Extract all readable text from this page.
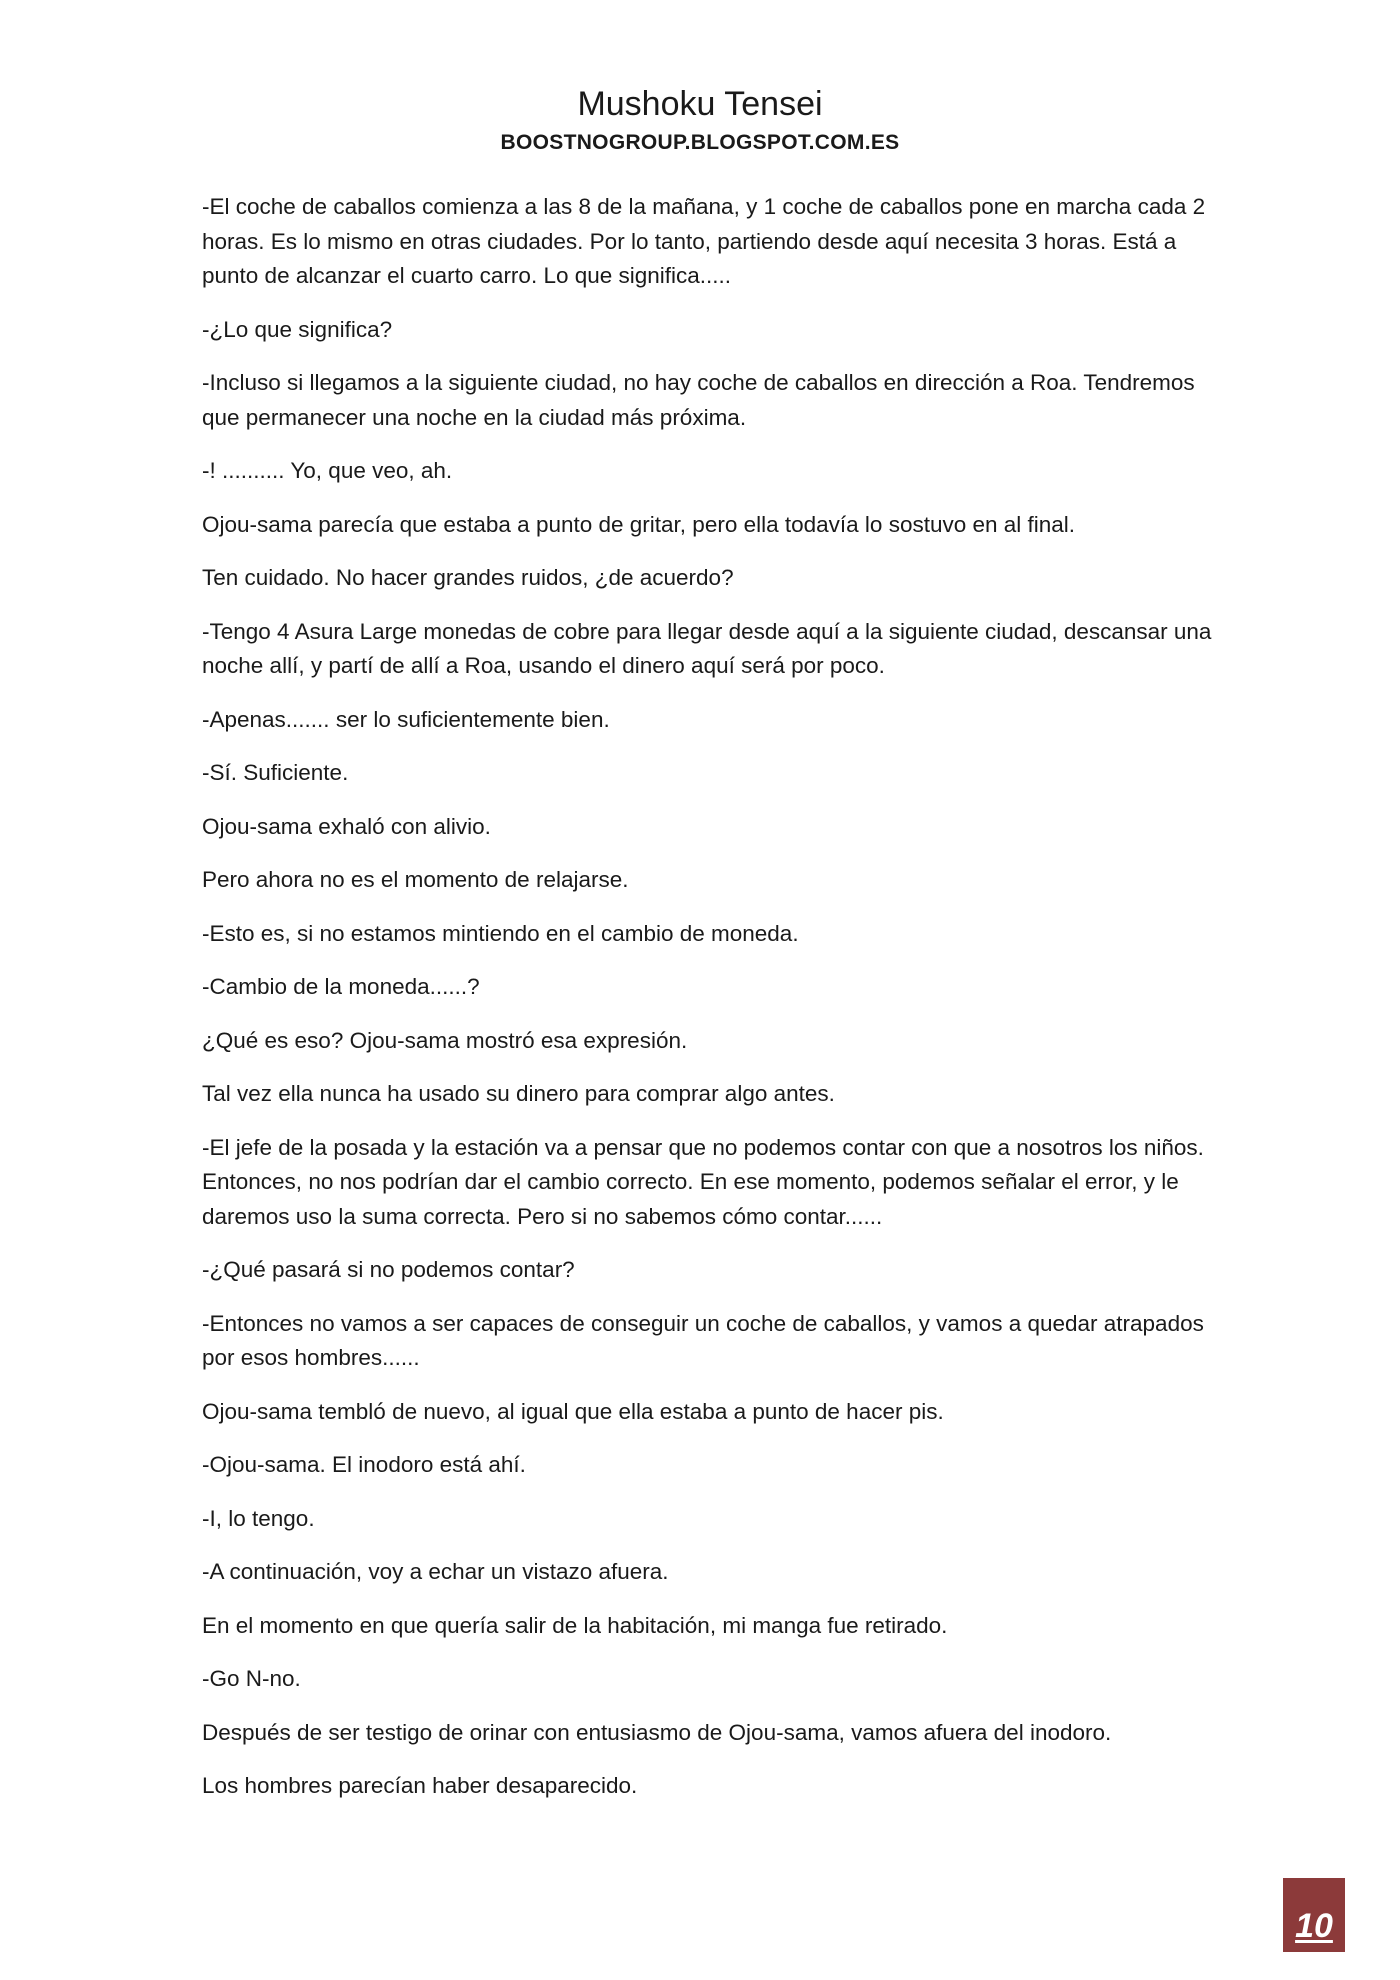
Mushoku Tensei
BOOSTNOGROUP.BLOGSPOT.COM.ES

-El coche de caballos comienza a las 8 de la mañana, y 1 coche de caballos pone en marcha cada 2 horas. Es lo mismo en otras ciudades. Por lo tanto, partiendo desde aquí necesita 3 horas. Está a punto de alcanzar el cuarto carro. Lo que significa.....

-¿Lo que significa?

-Incluso si llegamos a la siguiente ciudad, no hay coche de caballos en dirección a Roa. Tendremos que permanecer una noche en la ciudad más próxima.

-! .......... Yo, que veo, ah.

Ojou-sama parecía que estaba a punto de gritar, pero ella todavía lo sostuvo en al final.

Ten cuidado. No hacer grandes ruidos, ¿de acuerdo?

-Tengo 4 Asura Large monedas de cobre para llegar desde aquí a la siguiente ciudad, descansar una noche allí, y partí de allí a Roa, usando el dinero aquí será por poco.

-Apenas....... ser lo suficientemente bien.

-Sí. Suficiente.

Ojou-sama exhaló con alivio.

Pero ahora no es el momento de relajarse.

-Esto es, si no estamos mintiendo en el cambio de moneda.

-Cambio de la moneda......?

¿Qué es eso? Ojou-sama mostró esa expresión.

Tal vez ella nunca ha usado su dinero para comprar algo antes.

-El jefe de la posada y la estación va a pensar que no podemos contar con que a nosotros los niños. Entonces, no nos podrían dar el cambio correcto. En ese momento, podemos señalar el error, y le daremos uso la suma correcta. Pero si no sabemos cómo contar......

-¿Qué pasará si no podemos contar?

-Entonces no vamos a ser capaces de conseguir un coche de caballos, y vamos a quedar atrapados por esos hombres......

Ojou-sama tembló de nuevo, al igual que ella estaba a punto de hacer pis.

-Ojou-sama. El inodoro está ahí.

-I, lo tengo.

-A continuación, voy a echar un vistazo afuera.

En el momento en que quería salir de la habitación, mi manga fue retirado.

-Go N-no.

Después de ser testigo de orinar con entusiasmo de Ojou-sama, vamos afuera del inodoro.

Los hombres parecían haber desaparecido.

10
